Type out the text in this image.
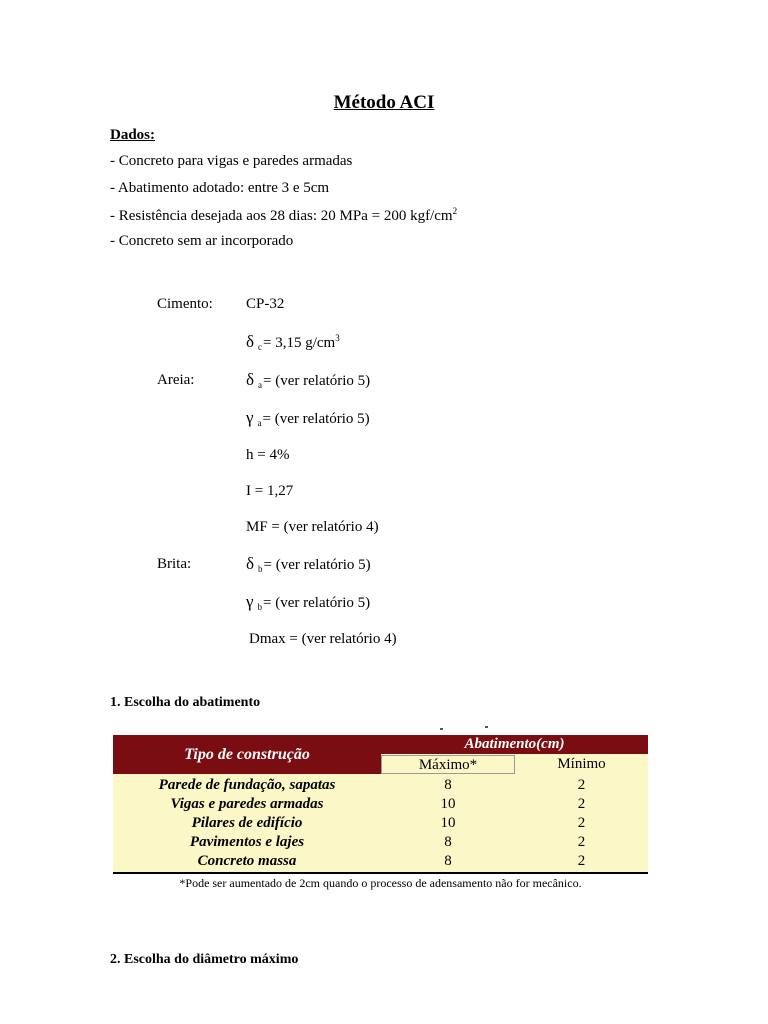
Método ACI
Dados:
- Concreto para vigas e paredes armadas
- Abatimento adotado: entre 3 e 5cm
- Resistência desejada aos 28 dias: 20 MPa = 200 kgf/$cm^2$
- Concreto sem ar incorporado
Cimento: CP-32
δ $_c$= 3,15 $g/cm^3$
Areia:	δ $_a$= (ver relatório 5)
γ $_a$= (ver relatório 5)
h = 4%
I = 1,27
MF = (ver relatório 4)
Brita:	δ $_b$= (ver relatório 5)
γ $_b$= (ver relatório 5)
Dmax = (ver relatório 4)
1. Escolha do abatimento
Tipo de construção
Abatimento(cm)
Máximo*	Mínimo
Parede de fundação, sapatas	8	2
Vigas e paredes armadas	10	2
Pilares de edifício	10	2
Pavimentos e lajes	8	2
Concreto massa	8	2
*Pode ser aumentado de 2cm quando o processo de adensamento não for mecânico.
2. Escolha do diâmetro máximo
